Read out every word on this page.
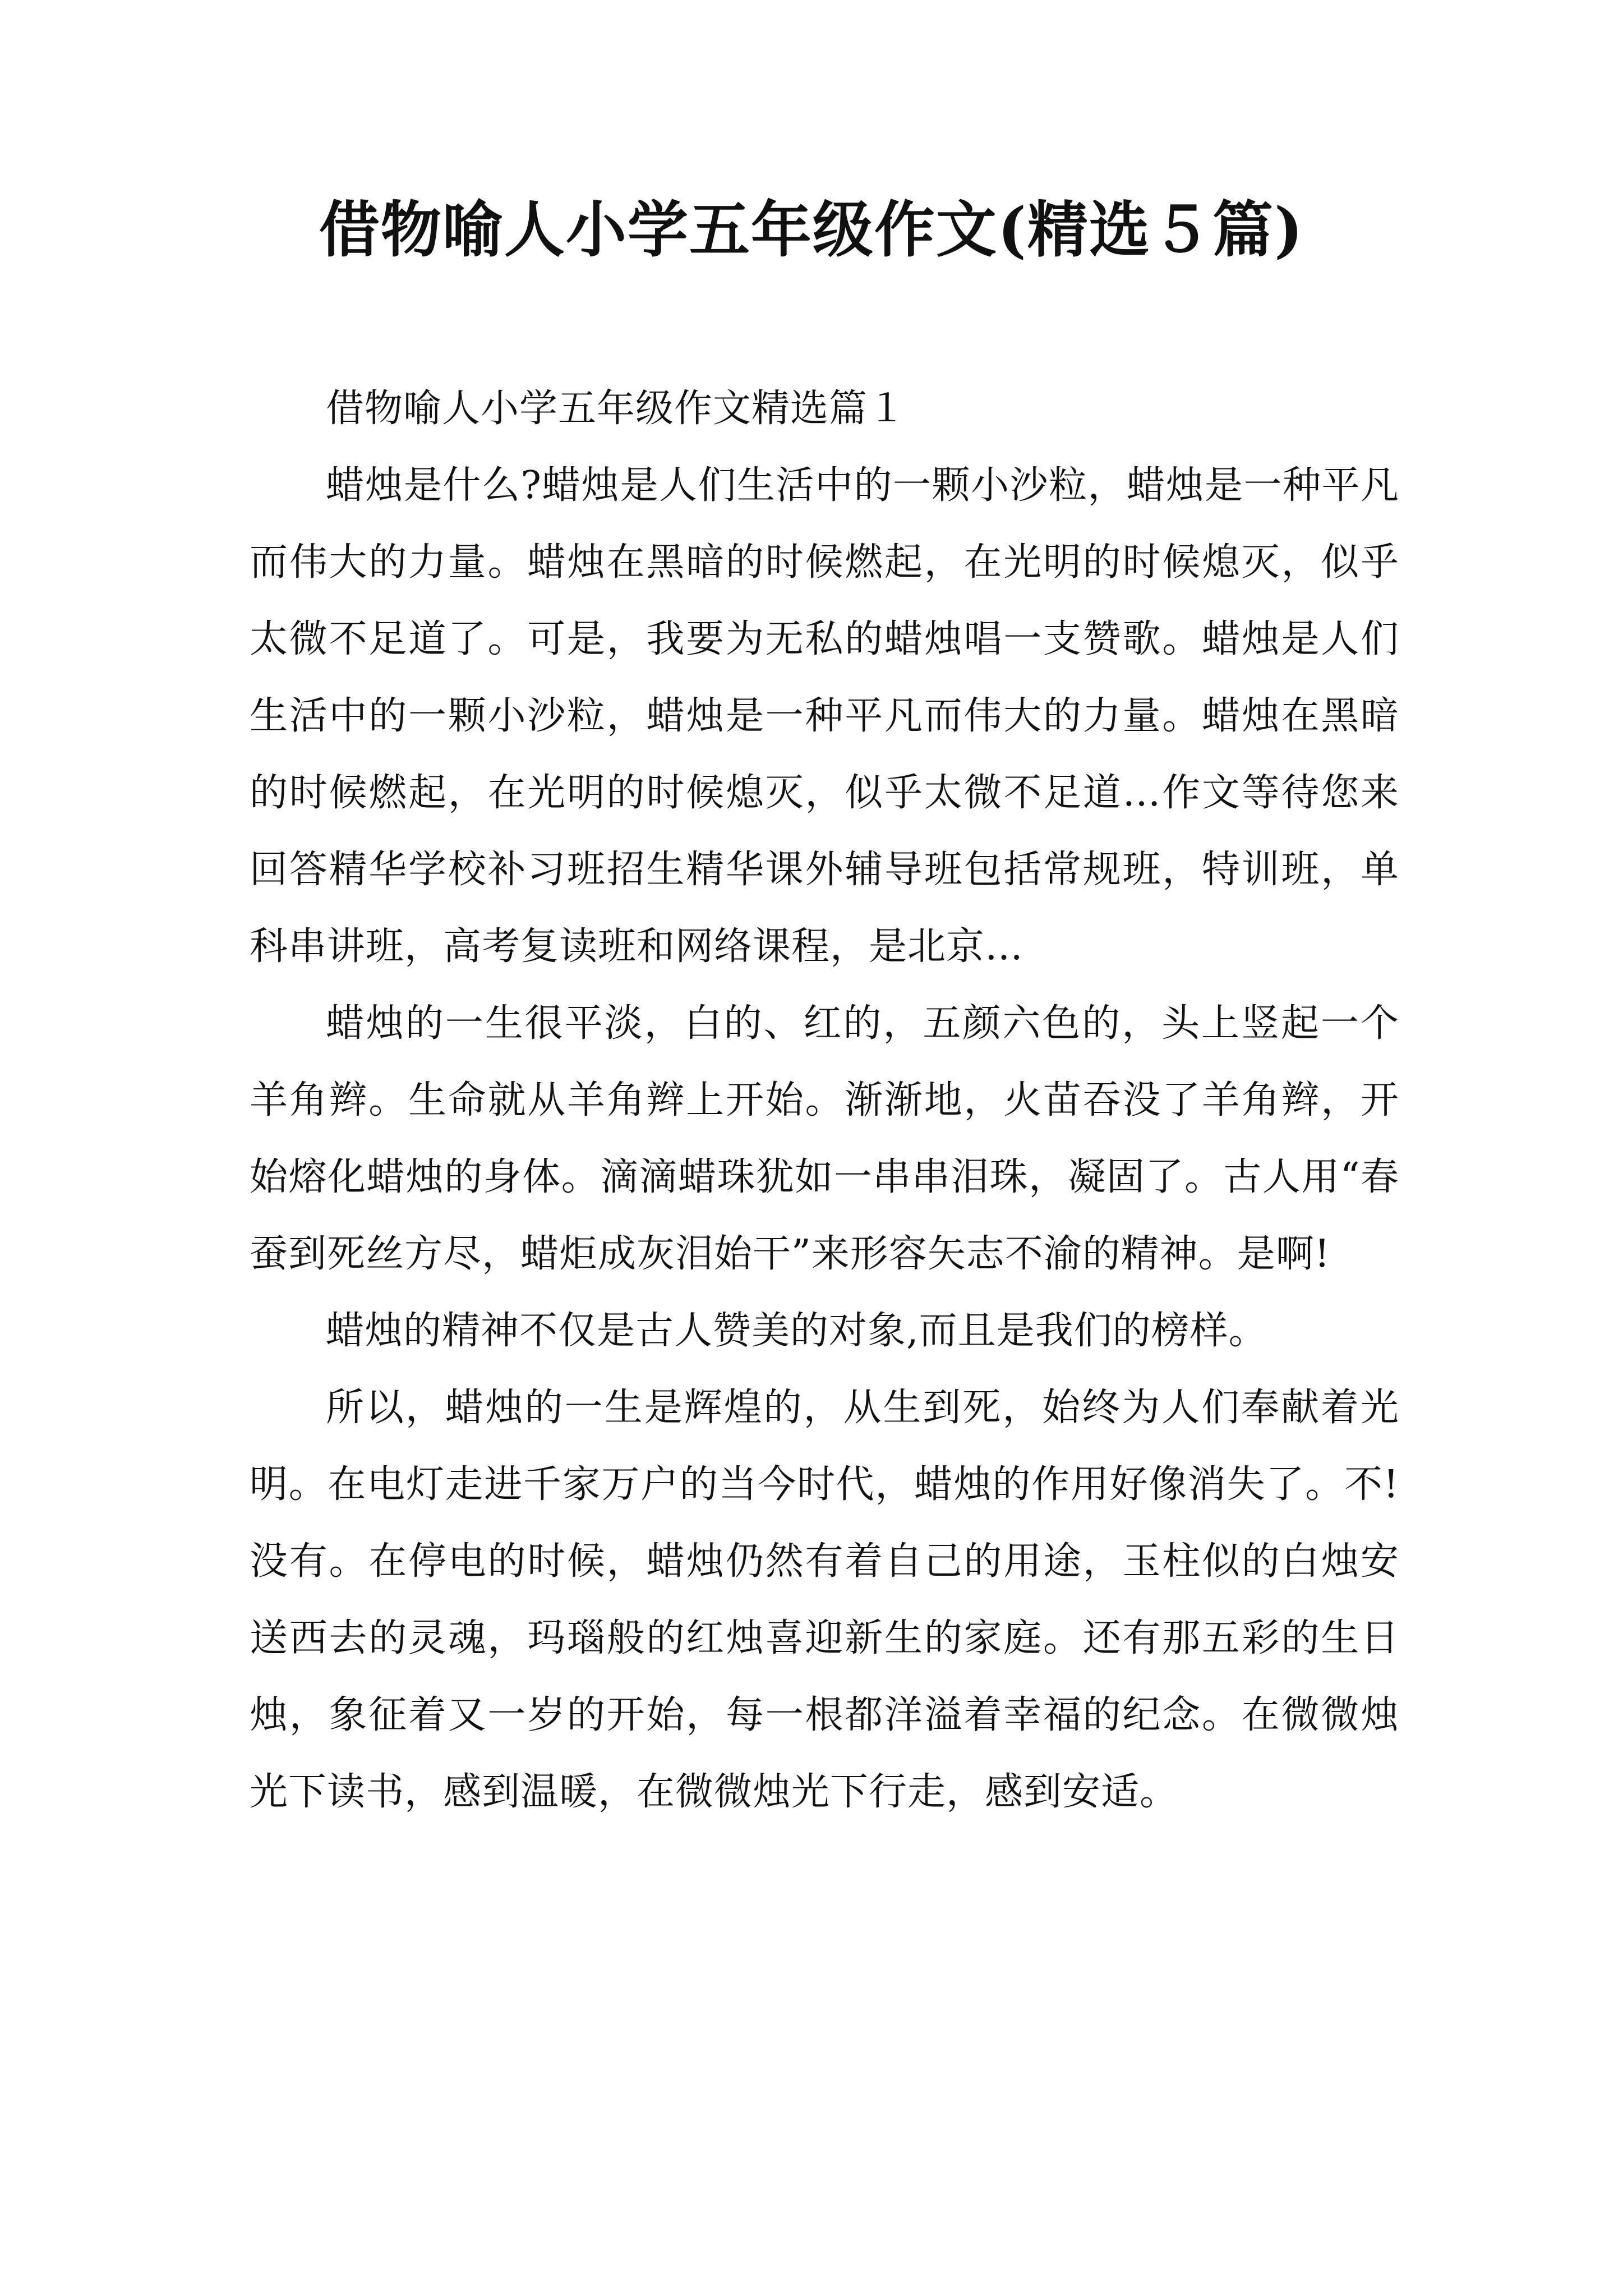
借物喻人小学五年级作文(精选５篇)

借物喻人小学五年级作文精选篇１

蜡烛是什么?蜡烛是人们生活中的一颗小沙粒，蜡烛是一种平凡而伟大的力量。蜡烛在黑暗的时候燃起，在光明的时候熄灭，似乎太微不足道了。可是，我要为无私的蜡烛唱一支赞歌。蜡烛是人们生活中的一颗小沙粒，蜡烛是一种平凡而伟大的力量。蜡烛在黑暗的时候燃起，在光明的时候熄灭，似乎太微不足道…作文等待您来回答精华学校补习班招生精华课外辅导班包括常规班，特训班，单科串讲班，高考复读班和网络课程，是北京…

蜡烛的一生很平淡，白的、红的，五颜六色的，头上竖起一个羊角辫。生命就从羊角辫上开始。渐渐地，火苗吞没了羊角辫，开始熔化蜡烛的身体。滴滴蜡珠犹如一串串泪珠，凝固了。古人用“春蚕到死丝方尽，蜡炬成灰泪始干”来形容矢志不渝的精神。是啊!

蜡烛的精神不仅是古人赞美的对象,而且是我们的榜样。

所以，蜡烛的一生是辉煌的，从生到死，始终为人们奉献着光明。在电灯走进千家万户的当今时代，蜡烛的作用好像消失了。不!没有。在停电的时候，蜡烛仍然有着自己的用途，玉柱似的白烛安送西去的灵魂，玛瑙般的红烛喜迎新生的家庭。还有那五彩的生日烛，象征着又一岁的开始，每一根都洋溢着幸福的纪念。在微微烛光下读书，感到温暖，在微微烛光下行走，感到安适。
